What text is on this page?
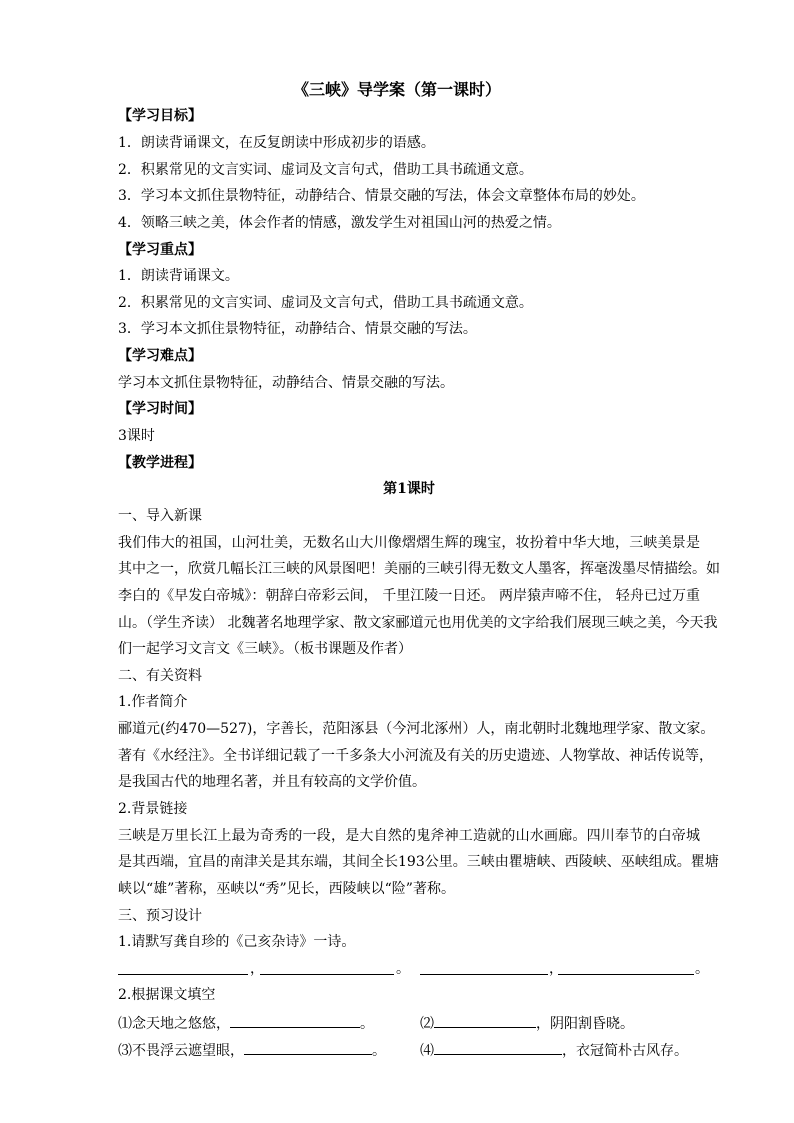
《三峡》导学案（第一课时）
【学习目标】
1．朗读背诵课文，在反复朗读中形成初步的语感。
2．积累常见的文言实词、虚词及文言句式，借助工具书疏通文意。
3．学习本文抓住景物特征，动静结合、情景交融的写法，体会文章整体布局的妙处。
4．领略三峡之美，体会作者的情感，激发学生对祖国山河的热爱之情。
【学习重点】
1．朗读背诵课文。
2．积累常见的文言实词、虚词及文言句式，借助工具书疏通文意。
3．学习本文抓住景物特征，动静结合、情景交融的写法。
【学习难点】
学习本文抓住景物特征，动静结合、情景交融的写法。
【学习时间】
3课时
【教学进程】
第1课时
一、导入新课
我们伟大的祖国，山河壮美，无数名山大川像熠熠生辉的瑰宝，妆扮着中华大地，三峡美景是
其中之一，欣赏几幅长江三峡的风景图吧！美丽的三峡引得无数文人墨客，挥毫泼墨尽情描绘。如
李白的《早发白帝城》：朝辞白帝彩云间， 千里江陵一日还。 两岸猿声啼不住， 轻舟已过万重
山。（学生齐读） 北魏著名地理学家、散文家郦道元也用优美的文字给我们展现三峡之美，今天我
们一起学习文言文《三峡》。（板书课题及作者）
二、有关资料
1.作者简介
郦道元(约470—527)，字善长，范阳涿县（今河北涿州）人，南北朝时北魏地理学家、散文家。
著有《水经注》。全书详细记载了一千多条大小河流及有关的历史遗迹、人物掌故、神话传说等，
是我国古代的地理名著，并且有较高的文学价值。
2.背景链接
三峡是万里长江上最为奇秀的一段，是大自然的鬼斧神工造就的山水画廊。四川奉节的白帝城
是其西端，宜昌的南津关是其东端，其间全长193公里。三峡由瞿塘峡、西陵峡、巫峡组成。瞿塘
峡以“雄”著称，巫峡以“秀”见长，西陵峡以“险”著称。
三、预习设计
1.请默写龚自珍的《己亥杂诗》一诗。
，	。	，	。
2.根据课文填空
⑴念天地之悠悠，	。	⑵	，阴阳割昏晓。
⑶不畏浮云遮望眼，	。 ⑷	，衣冠简朴古风存。
